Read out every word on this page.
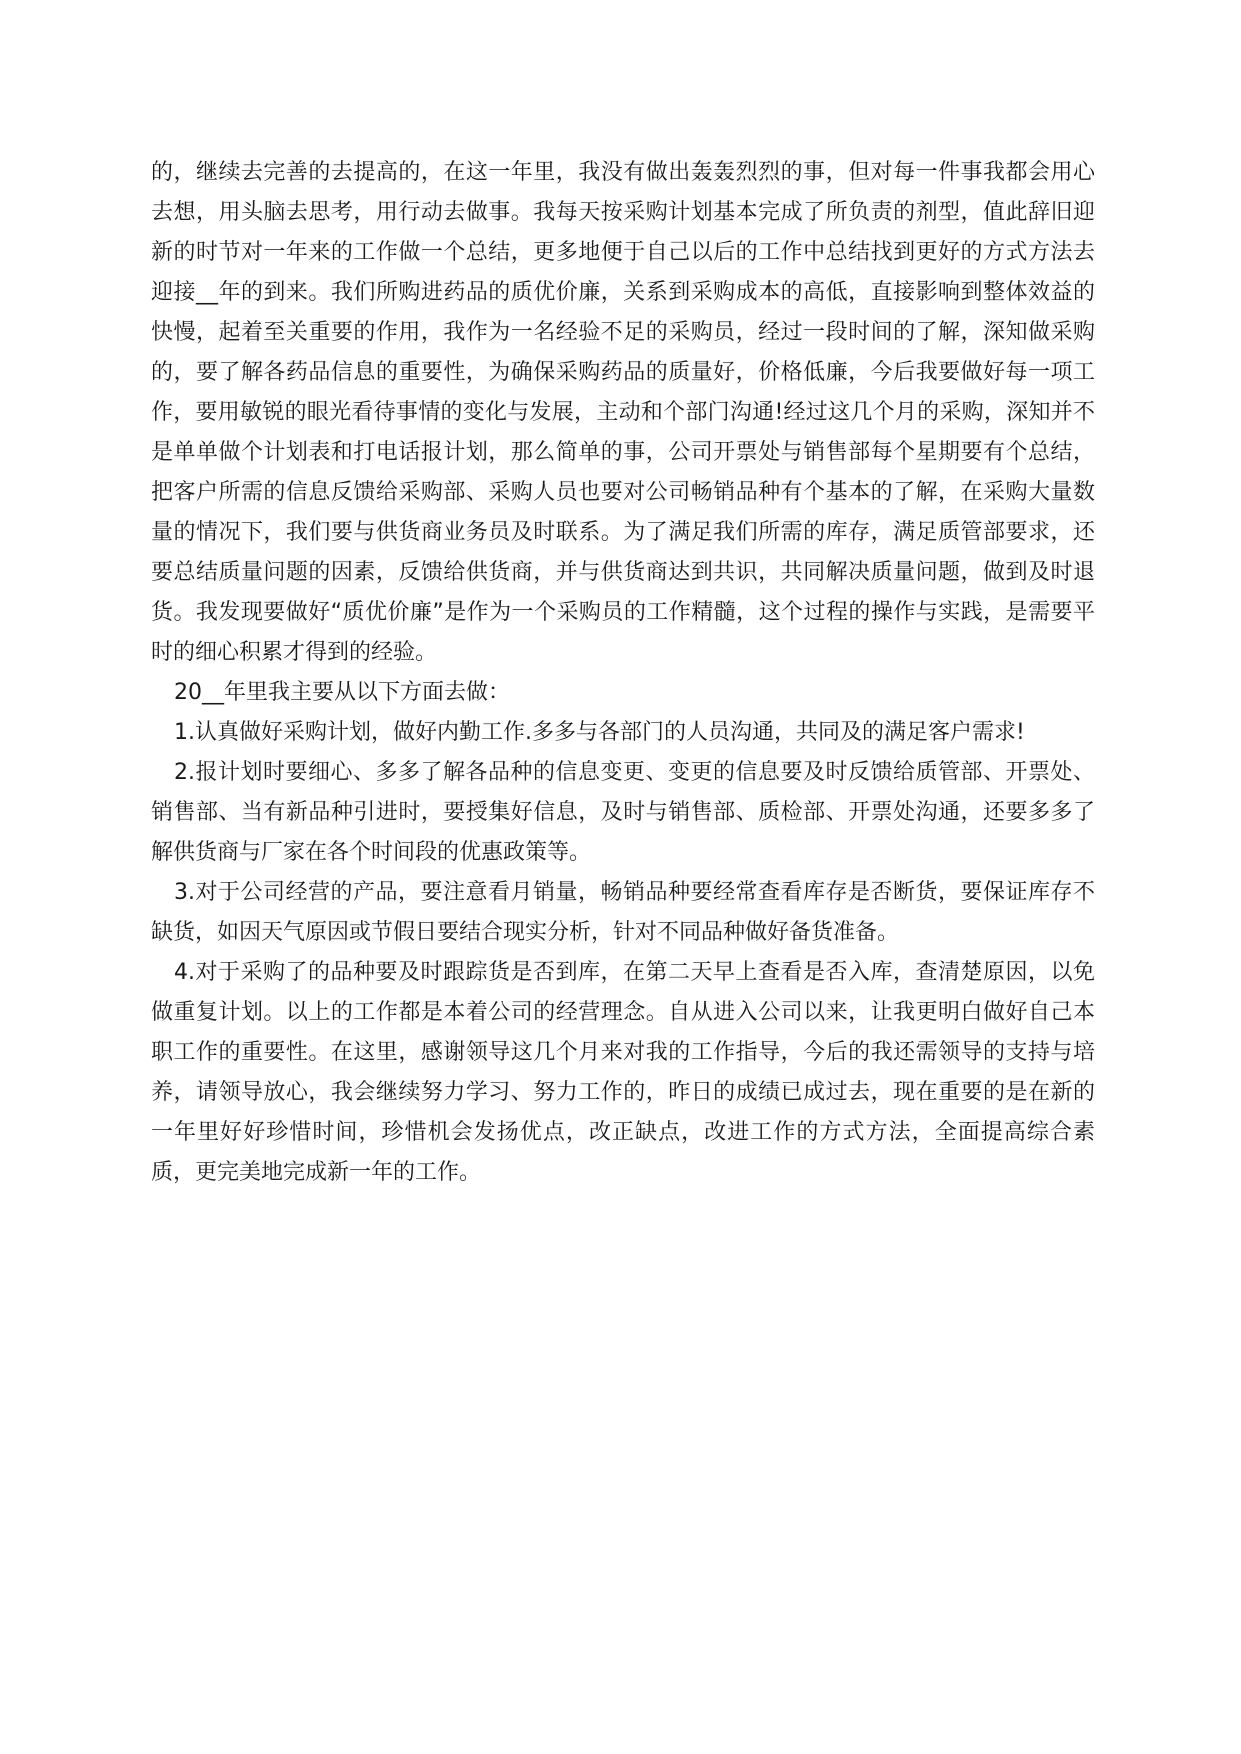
的，继续去完善的去提高的，在这一年里，我没有做出轰轰烈烈的事，但对每一件事我都会用心去想，用头脑去思考，用行动去做事。我每天按采购计划基本完成了所负责的剂型，值此辞旧迎新的时节对一年来的工作做一个总结，更多地便于自己以后的工作中总结找到更好的方式方法去迎接__年的到来。我们所购进药品的质优价廉，关系到采购成本的高低，直接影响到整体效益的快慢，起着至关重要的作用，我作为一名经验不足的采购员，经过一段时间的了解，深知做采购的，要了解各药品信息的重要性，为确保采购药品的质量好，价格低廉，今后我要做好每一项工作，要用敏锐的眼光看待事情的变化与发展，主动和个部门沟通!经过这几个月的采购，深知并不是单单做个计划表和打电话报计划，那么简单的事，公司开票处与销售部每个星期要有个总结，把客户所需的信息反馈给采购部、采购人员也要对公司畅销品种有个基本的了解，在采购大量数量的情况下，我们要与供货商业务员及时联系。为了满足我们所需的库存，满足质管部要求，还要总结质量问题的因素，反馈给供货商，并与供货商达到共识，共同解决质量问题，做到及时退货。我发现要做好“质优价廉”是作为一个采购员的工作精髓，这个过程的操作与实践，是需要平时的细心积累才得到的经验。

20__年里我主要从以下方面去做：

1.认真做好采购计划，做好内勤工作.多多与各部门的人员沟通，共同及的满足客户需求!

2.报计划时要细心、多多了解各品种的信息变更、变更的信息要及时反馈给质管部、开票处、销售部、当有新品种引进时，要授集好信息，及时与销售部、质检部、开票处沟通，还要多多了解供货商与厂家在各个时间段的优惠政策等。

3.对于公司经营的产品，要注意看月销量，畅销品种要经常查看库存是否断货，要保证库存不缺货，如因天气原因或节假日要结合现实分析，针对不同品种做好备货准备。

4.对于采购了的品种要及时跟踪货是否到库，在第二天早上查看是否入库，查清楚原因，以免做重复计划。以上的工作都是本着公司的经营理念。自从进入公司以来，让我更明白做好自己本职工作的重要性。在这里，感谢领导这几个月来对我的工作指导，今后的我还需领导的支持与培养，请领导放心，我会继续努力学习、努力工作的，昨日的成绩已成过去，现在重要的是在新的一年里好好珍惜时间，珍惜机会发扬优点，改正缺点，改进工作的方式方法，全面提高综合素质，更完美地完成新一年的工作。
